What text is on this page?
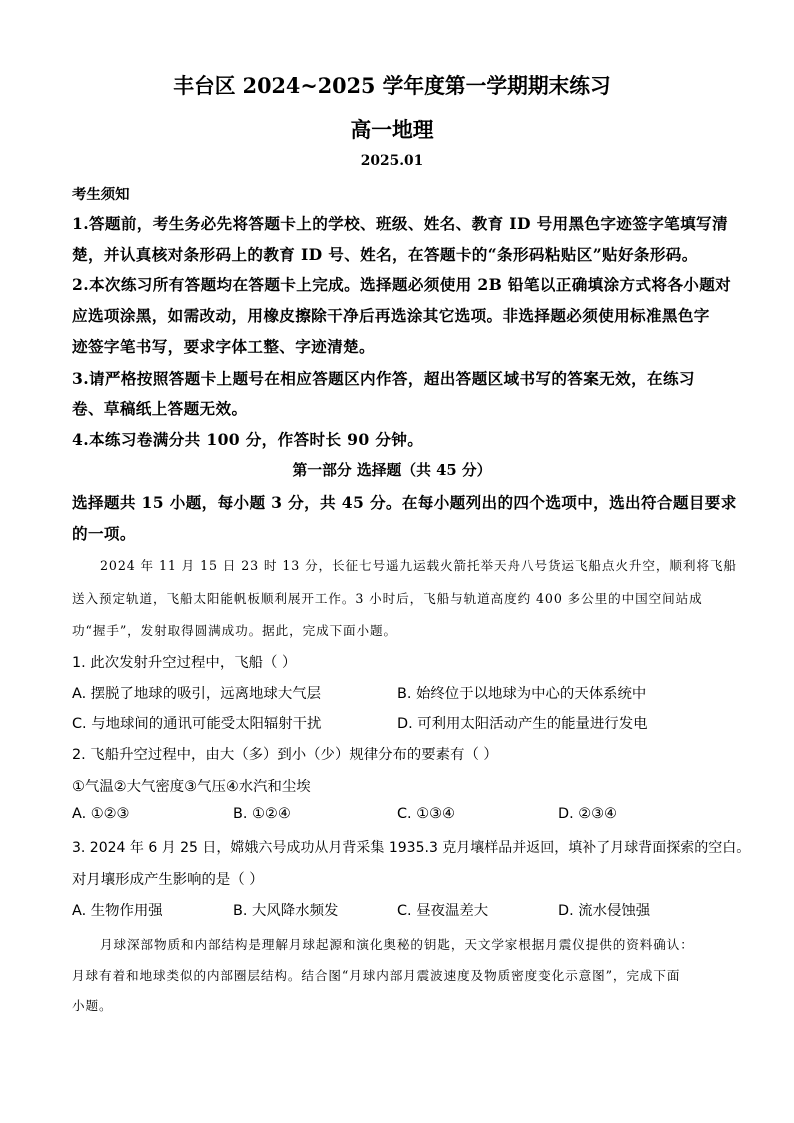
丰台区 2024~2025 学年度第一学期期末练习
高一地理
2025.01
考生须知
1.答题前，考生务必先将答题卡上的学校、班级、姓名、教育 ID 号用黑色字迹签字笔填写清
楚，并认真核对条形码上的教育 ID 号、姓名，在答题卡的“条形码粘贴区”贴好条形码。
2.本次练习所有答题均在答题卡上完成。选择题必须使用 2B 铅笔以正确填涂方式将各小题对
应选项涂黑，如需改动，用橡皮擦除干净后再选涂其它选项。非选择题必须使用标准黑色字
迹签字笔书写，要求字体工整、字迹清楚。
3.请严格按照答题卡上题号在相应答题区内作答，超出答题区域书写的答案无效，在练习
卷、草稿纸上答题无效。
4.本练习卷满分共 100 分，作答时长 90 分钟。
第一部分 选择题（共 45 分）
选择题共 15 小题，每小题 3 分，共 45 分。在每小题列出的四个选项中，选出符合题目要求
的一项。
2024 年 11 月 15 日 23 时 13 分，长征七号遥九运载火箭托举天舟八号货运飞船点火升空，顺利将飞船
送入预定轨道，飞船太阳能帆板顺利展开工作。3 小时后，飞船与轨道高度约 400 多公里的中国空间站成
功“握手”，发射取得圆满成功。据此，完成下面小题。
1. 此次发射升空过程中，飞船（ ）
A. 摆脱了地球的吸引，远离地球大气层	B. 始终位于以地球为中心的天体系统中
C. 与地球间的通讯可能受太阳辐射干扰	D. 可利用太阳活动产生的能量进行发电
2. 飞船升空过程中，由大（多）到小（少）规律分布的要素有（ ）
①气温②大气密度③气压④水汽和尘埃
A. ①②③	B. ①②④	C. ①③④	D. ②③④
3. 2024 年 6 月 25 日，嫦娥六号成功从月背采集 1935.3 克月壤样品并返回，填补了月球背面探索的空白。
对月壤形成产生影响的是（ ）
A. 生物作用强	B. 大风降水频发	C. 昼夜温差大	D. 流水侵蚀强
月球深部物质和内部结构是理解月球起源和演化奥秘的钥匙，天文学家根据月震仪提供的资料确认：
月球有着和地球类似的内部圈层结构。结合图“月球内部月震波速度及物质密度变化示意图”，完成下面
小题。
